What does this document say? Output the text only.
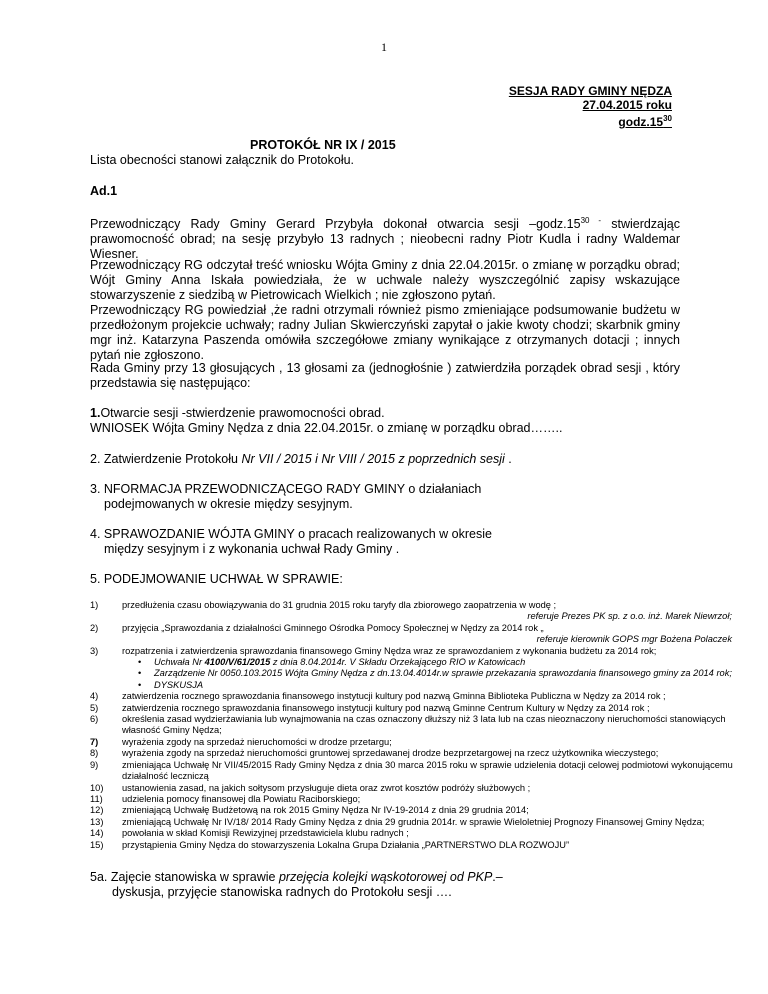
1
SESJA RADY GMINY NĘDZA
27.04.2015 roku
$godz.15^{30}$
PROTOKÓŁ NR IX / 2015
Lista obecności stanowi załącznik do Protokołu.
Ad.1
Przewodniczący Rady Gminy Gerard Przybyła dokonał otwarcia sesji $-godz.15^{30 -}$ stwierdzając prawomocność obrad; na sesję przybyło 13 radnych ; nieobecni radny Piotr Kudla i radny Waldemar Wiesner.
Przewodniczący RG odczytał treść wniosku Wójta Gminy z dnia 22.04.2015r. o zmianę w porządku obrad; Wójt Gminy Anna Iskała powiedziała, że w uchwale należy wyszczególnić zapisy wskazujące stowarzyszenie z siedzibą w Pietrowicach Wielkich ; nie zgłoszono pytań.
Przewodniczący RG powiedział ,że radni otrzymali również pismo zmieniające podsumowanie budżetu w przedłożonym projekcie uchwały; radny Julian Skwierczyński zapytał o jakie kwoty chodzi; skarbnik gminy mgr inż. Katarzyna Paszenda omówiła szczegółowe zmiany wynikające z otrzymanych dotacji ; innych pytań nie zgłoszono.
Rada Gminy przy 13 głosujących , 13 głosami za (jednogłośnie ) zatwierdziła porządek obrad sesji , który przedstawia się następująco:
1.Otwarcie sesji -stwierdzenie prawomocności obrad.
WNIOSEK Wójta Gminy Nędza z dnia 22.04.2015r. o zmianę w porządku obrad……..
2. Zatwierdzenie Protokołu Nr VII / 2015 i Nr VIII / 2015 z poprzednich sesji .
3. NFORMACJA PRZEWODNICZĄCEGO RADY GMINY o działaniach
podejmowanych w okresie między sesyjnym.
4. SPRAWOZDANIE WÓJTA GMINY o pracach realizowanych w okresie
między sesyjnym i z wykonania uchwał Rady Gminy .
5. PODEJMOWANIE UCHWAŁ W SPRAWIE:
1)	przedłużenia czasu obowiązywania do 31 grudnia 2015 roku taryfy dla zbiorowego zaopatrzenia w wodę ;
referuje Prezes PK sp. z o.o. inż. Marek Niewrzoł;
2)	przyjęcia „Sprawozdania z działalności Gminnego Ośrodka Pomocy Społecznej w Nędzy za 2014 rok „
referuje kierownik GOPS mgr Bożena Polaczek
3)	rozpatrzenia i zatwierdzenia sprawozdania finansowego Gminy Nędza wraz ze sprawozdaniem z wykonania budżetu za 2014 rok;
•	Uchwała Nr 4100/V/61/2015 z dnia 8.04.2014r. V Składu Orzekającego RIO w Katowicach
•	Zarządzenie Nr 0050.103.2015 Wójta Gminy Nędza z dn.13.04.4014r.w sprawie przekazania sprawozdania finansowego gminy za 2014 rok;
•	DYSKUSJA
4)	zatwierdzenia rocznego sprawozdania finansowego instytucji kultury pod nazwą Gminna Biblioteka Publiczna w Nędzy za 2014 rok ;
5)	zatwierdzenia rocznego sprawozdania finansowego instytucji kultury pod nazwą Gminne Centrum Kultury w Nędzy za 2014 rok ;
6)	określenia zasad wydzierżawiania lub wynajmowania na czas oznaczony dłuższy niż 3 lata lub na czas nieoznaczony nieruchomości stanowiących własność Gminy Nędza;
7)	wyrażenia zgody na sprzedaż nieruchomości w drodze przetargu;
8)	wyrażenia zgody na sprzedaż nieruchomości gruntowej sprzedawanej drodze bezprzetargowej na rzecz użytkownika wieczystego;
9)	zmieniająca Uchwałę Nr VII/45/2015 Rady Gminy Nędza z dnia 30 marca 2015 roku w sprawie udzielenia dotacji celowej podmiotowi wykonującemu działalność leczniczą
10)	ustanowienia zasad, na jakich sołtysom przysługuje dieta oraz zwrot kosztów podróży służbowych ;
11)	udzielenia pomocy finansowej dla Powiatu Raciborskiego;
12)	zmieniającą Uchwałę Budżetową na rok 2015 Gminy Nędza Nr IV-19-2014 z dnia 29 grudnia 2014;
13)	zmieniającą Uchwałę Nr IV/18/ 2014 Rady Gminy Nędza z dnia 29 grudnia 2014r. w sprawie Wieloletniej Prognozy Finansowej Gminy Nędza;
14)	powołania w skład Komisji Rewizyjnej przedstawiciela klubu radnych ;
15)	przystąpienia Gminy Nędza do stowarzyszenia Lokalna Grupa Działania „PARTNERSTWO DLA ROZWOJU”
5a. Zajęcie stanowiska w sprawie przejęcia kolejki wąskotorowej od PKP.–
dyskusja, przyjęcie stanowiska radnych do Protokołu sesji ….
